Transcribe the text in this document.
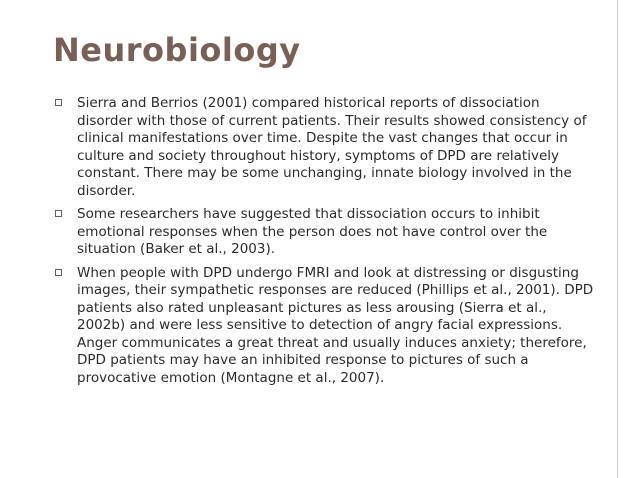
Neurobiology
Sierra and Berrios (2001) compared historical reports of dissociation disorder with those of current patients. Their results showed consistency of clinical manifestations over time. Despite the vast changes that occur in culture and society throughout history, symptoms of DPD are relatively constant. There may be some unchanging, innate biology involved in the disorder.
Some researchers have suggested that dissociation occurs to inhibit emotional responses when the person does not have control over the situation (Baker et al., 2003).
When people with DPD undergo FMRI and look at distressing or disgusting images, their sympathetic responses are reduced (Phillips et al., 2001). DPD patients also rated unpleasant pictures as less arousing (Sierra et al., 2002b) and were less sensitive to detection of angry facial expressions. Anger communicates a great threat and usually induces anxiety; therefore, DPD patients may have an inhibited response to pictures of such a provocative emotion (Montagne et al., 2007).
